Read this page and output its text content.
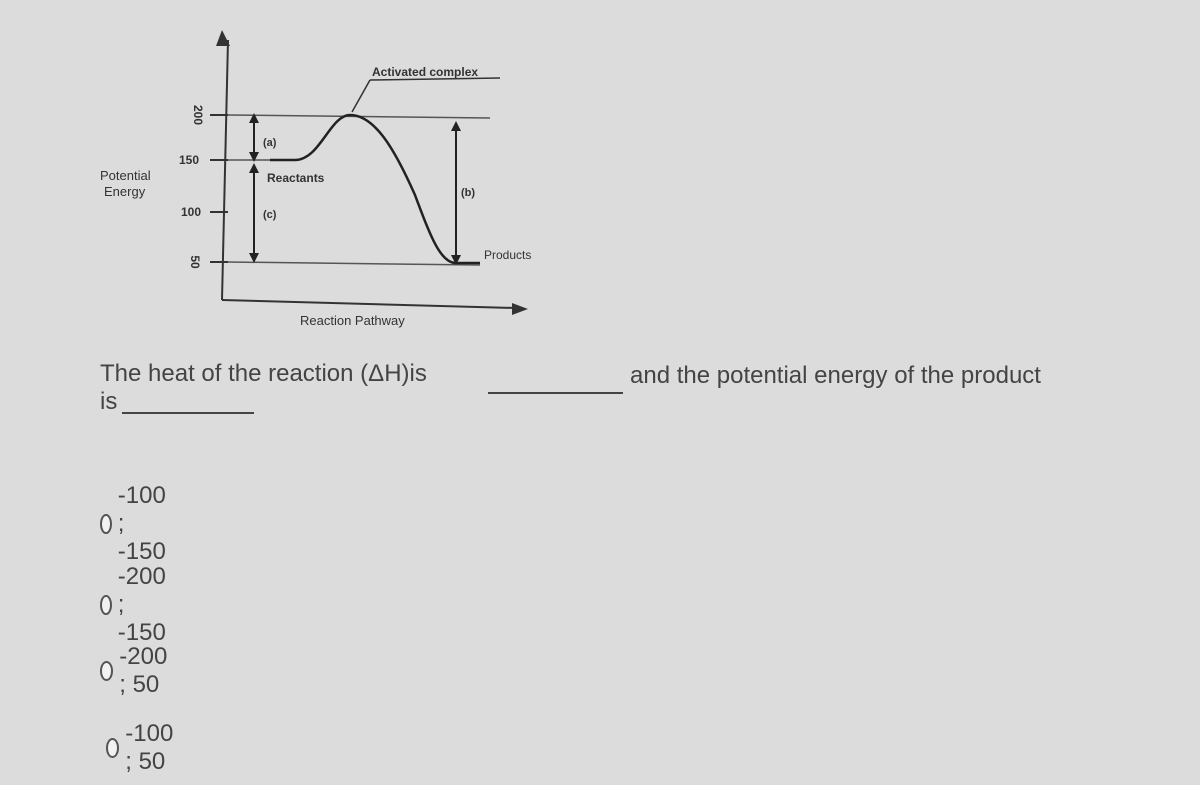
200
150
100
50
Potential
Energy
(a)
(b)
(c)
Activated complex
Reactants
Products
Reaction Pathway
The heat of the reaction (ΔH)is	and the potential energy of the product
is
-100 ; -150
-200 ; -150
-200 ; 50
-100 ; 50
